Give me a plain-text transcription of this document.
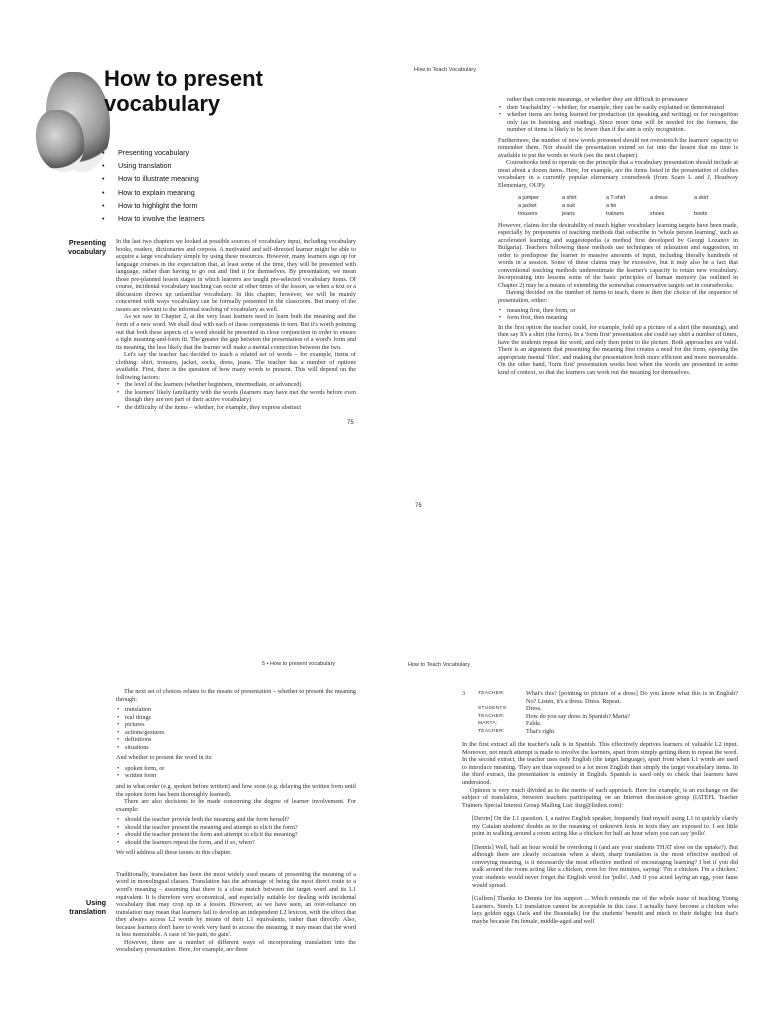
How to present
vocabulary
• Presenting vocabulary
• Using translation
• How to illustrate meaning
• How to explain meaning
• How to highlight the form
• How to involve the learners
Presenting
vocabulary

In the last two chapters we looked at possible sources of vocabulary input, including vocabulary books, readers, dictionaries and corpora. A motivated and self-directed learner might be able to acquire a large vocabulary simply by using these resources. However, many learners sign up for language courses in the expectation that, at least some of the time, they will be presented with language, rather than having to go out and find it for themselves. By presentation, we mean those pre-planned lesson stages in which learners are taught pre-selected vocabulary items. Of course, incidental vocabulary teaching can occur at other times of the lesson, as when a text or a discussion throws up unfamiliar vocabulary. In this chapter, however, we will be mainly concerned with ways vocabulary can be formally presented in the classroom. But many of the issues are relevant to the informal teaching of vocabulary as well.

As we saw in Chapter 2, at the very least learners need to learn both the meaning and the form of a new word. We shall deal with each of these components in turn. But it's worth pointing out that both these aspects of a word should be presented in close conjunction in order to ensure a tight meaning-and-form fit. The greater the gap between the presentation of a word's form and its meaning, the less likely that the learner will make a mental connection between the two.

Let's say the teacher has decided to teach a related set of words – for example, items of clothing: shirt, trousers, jacket, socks, dress, jeans. The teacher has a number of options available. First, there is the question of how many words to present. This will depend on the following factors:

• the level of the learners (whether beginners, intermediate, or advanced)
• the learners' likely familiarity with the words (learners may have met the words before even though they are not part of their active vocabulary)
• the difficulty of the items – whether, for example, they express abstract
75
How to Teach Vocabulary

rather than concrete meanings, or whether they are difficult to pronounce

• their 'teachability' – whether, for example, they can be easily explained or demonstrated
• whether items are being learned for production (in speaking and writing) or for recognition only (as in listening and reading). Since more time will be needed for the formers, the number of items is likely to be fewer than if the aim is only recognition.

Furthermore, the number of new words presented should not overstretch the learners' capacity to remember them. Nor should the presentation extend so far into the lesson that no time is available to put the words to work (see the next chapter).

Coursebooks tend to operate on the principle that a vocabulary presentation should include at most about a dozen items. Here, for example, are the items listed in the presentation of clothes vocabulary in a currently popular elementary coursebook (from Soars L and J, Headway Elementary, OUP):

a jumper	a shirt	a T-shirt	a dress	a skirt
a jacket	a suit	a tie
trousers	jeans	trainers	shoes	boots

However, claims for the desirability of much higher vocabulary learning targets have been made, especially by proponents of teaching methods that subscribe to 'whole person learning', such as accelerated learning and suggestopedia (a method first developed by Georgi Lozanov in Bulgaria). Teachers following these methods use techniques of relaxation and suggestion, in order to predispose the learner to massive amounts of input, including literally hundreds of words in a session. Some of these claims may be excessive, but it may also be a fact that conventional teaching methods underestimate the learner's capacity to retain new vocabulary. Incorporating into lessons some of the basic principles of human memory (as outlined in Chapter 2) may be a means of extending the somewhat conservative targets set in coursebooks.

Having decided on the number of items to teach, there is then the choice of the sequence of presentation, either:

• meaning first, then form, or
• form first, then meaning

In the first option the teacher could, for example, hold up a picture of a shirt (the meaning), and then say It's a shirt (the form). In a 'form first' presentation she could say shirt a number of times, have the students repeat the word, and only then point to the picture. Both approaches are valid. There is an argument that presenting the meaning first creates a need for the form, opening the appropriate mental 'files', and making the presentation both more efficient and more memorable. On the other hand, 'form first' presentation works best when the words are presented in some kind of context, so that the learners can work out the meaning for themselves.

76
5 • How to present vocabulary

The next set of choices relates to the means of presentation – whether to present the meaning through:

• translation
• real things
• pictures
• actions/gestures
• definitions
• situations

And whether to present the word in its:

• spoken form, or
• written form

and in what order (e.g. spoken before written) and how soon (e.g. delaying the written form until the spoken form has been thoroughly learned).

There are also decisions to be made concerning the degree of learner involvement. For example:

• should the teacher provide both the meaning and the form herself?
• should the teacher present the meaning and attempt to elicit the form?
• should the teacher present the form and attempt to elicit the meaning?
• should the learners repeat the form, and if so, when?

We will address all these issues in this chapter.

Traditionally, translation has been the most widely used means of presenting the meaning of a word in monolingual classes. Translation has the advantage of being the most direct route to a word's meaning – assuming that there is a close match between the target word and its L1 equivalent. It is therefore very economical, and especially suitable for dealing with incidental vocabulary that may crop up in a lesson. However, as we have seen, an over-reliance on translation may mean that learners fail to develop an independent L2 lexicon, with the effect that they always access L2 words by means of their L1 equivalents, rather than directly. Also, because learners don't have to work very hard to access the meaning, it may mean that the word is less memorable. A case of 'no pain, no gain'.

However, there are a number of different ways of incorporating translation into the vocabulary presentation. Here, for example, are three

Using
translation
How to Teach Vocabulary
3	TEACHER:	What's this? [pointing to picture of a dress] Do you know what this is in English? No? Listen, it's a dress. Dress. Repeat.
STUDENTS:	Dress.
TEACHER:	How do you say dress in Spanish? Marta?
MARTA:	Falda.
TEACHER:	That's right.

In the first extract all the teacher's talk is in Spanish. This effectively deprives learners of valuable L2 input. Moreover, not much attempt is made to involve the learners, apart from simply getting them to repeat the word. In the second extract, the teacher uses only English (the target language), apart from when L1 words are used to introduce meaning. They are thus exposed to a lot more English than simply the target vocabulary items. In the third extract, the presentation is entirely in English. Spanish is used only to check that learners have understood.

Opinion is very much divided as to the merits of each approach. Here for example, is an exchange on the subject of translation, between teachers participating on an Internet discussion group (IATEFL Teacher Trainers Special Interest Group Mailing List: ttsig@listbot.com):

[Derrin] On the L1 question. I, a native English speaker, frequently find myself using L1 to quickly clarify my Catalan students' doubts as to the meaning of unknown lexis in texts they are exposed to. I see little point in walking around a room acting like a chicken for half an hour when you can say 'pollo'.

[Dennis] Well, half an hour would be overdoing it (and are your students THAT slow on the uptake?). But although there are clearly occasions when a short, sharp translation is the most effective method of conveying meaning, is it necessarily the most effective method of encouraging learning? I bet if you did walk around the room acting like a chicken, even for five minutes, saying: 'I'm a chicken. I'm a chicken.' your students would never forget the English word for 'pollo'. And if you acted laying an egg, your fame would spread.

[Gulfem] Thanks to Dennis for his support ... Which reminds me of the whole issue of teaching Young Learners. Surely L1 translation cannot be acceptable in this case. I actually have become a chicken who lays golden eggs (Jack and the Beanstalk) for the students' benefit and much to their delight: but that's maybe because I'm female, middle-aged and well
